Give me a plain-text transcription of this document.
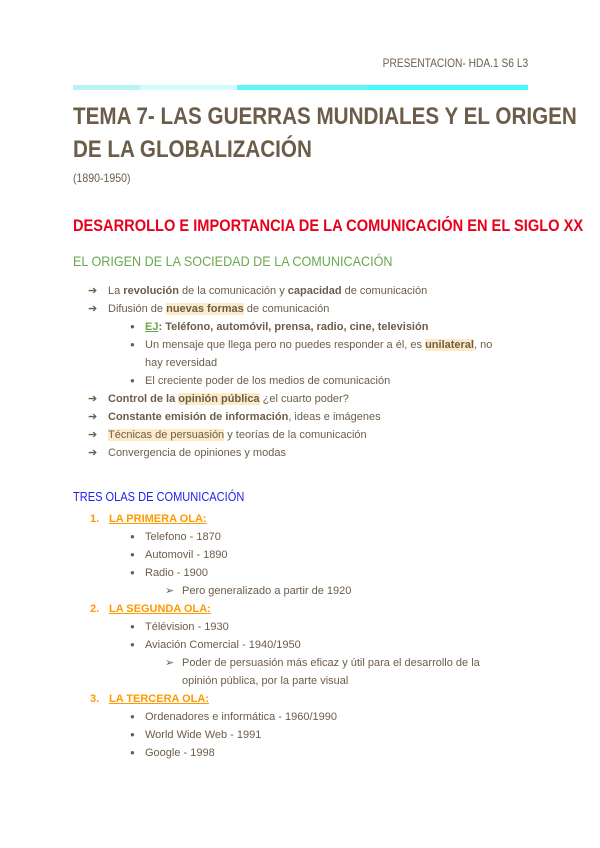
PRESENTACION- HDA.1 S6 L3
TEMA 7- LAS GUERRAS MUNDIALES Y EL ORIGEN
DE LA GLOBALIZACIÓN
(1890-1950)
DESARROLLO E IMPORTANCIA DE LA COMUNICACIÓN EN EL SIGLO XX
EL ORIGEN DE LA SOCIEDAD DE LA COMUNICACIÓN
➔ La revolución de la comunicación y capacidad de comunicación
➔ Difusión de nuevas formas de comunicación
● EJ: Teléfono, automóvil, prensa, radio, cine, televisión
● Un mensaje que llega pero no puedes responder a él, es unilateral, no hay reversidad
● El creciente poder de los medios de comunicación
➔ Control de la opinión pública ¿el cuarto poder?
➔ Constante emisión de información, ideas e imágenes
➔ Técnicas de persuasión y teorías de la comunicación
➔ Convergencia de opiniones y modas
TRES OLAS DE COMUNICACIÓN
1. LA PRIMERA OLA:
● Telefono - 1870
● Automovil - 1890
● Radio - 1900
➢ Pero generalizado a partir de 1920
2. LA SEGUNDA OLA:
● Télévision - 1930
● Aviación Comercial - 1940/1950
➢ Poder de persuasión más eficaz y útil para el desarrollo de la opinión pública, por la parte visual
3. LA TERCERA OLA:
● Ordenadores e informática - 1960/1990
● World Wide Web - 1991
● Google - 1998
